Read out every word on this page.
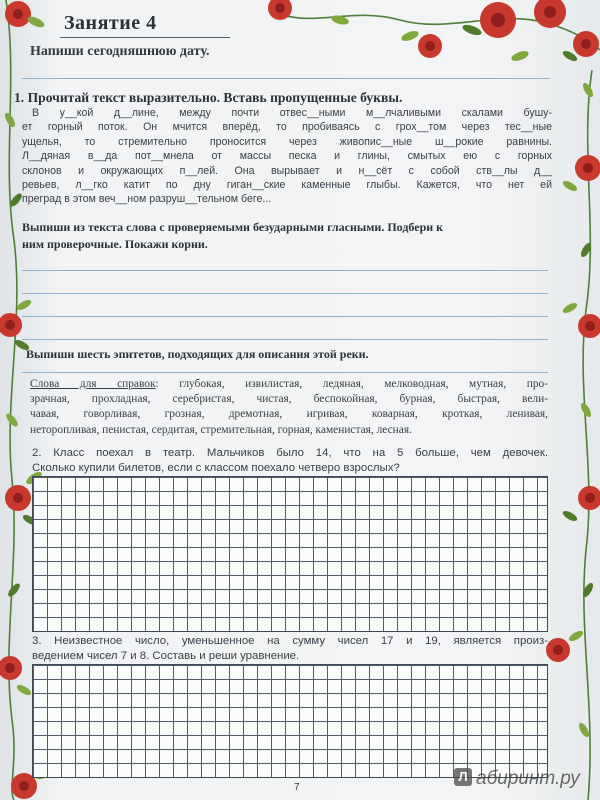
Занятие 4
Напиши сегодняшнюю дату.
1. Прочитай текст выразительно. Вставь пропущенные буквы.
В у__кой д__лине, между почти отвес__ными м__лчаливыми скалами бушу-
ет горный поток. Он мчится вперёд, то пробиваясь с грох__том через тес__ные
ущелья, то стремительно проносится через живопис__ные ш__рокие равнины.
Л__дяная в__да пот__мнела от массы песка и глины, смытых ею с горных
склонов и окружающих п__лей. Она вырывает и н__сёт с собой ств__лы д__
ревьев, л__гко катит по дну гиган__ские каменные глыбы. Кажется, что нет ей
преград в этом веч__ном разруш__тельном беге...
Выпиши из текста слова с проверяемыми безударными гласными. Подбери к
ним проверочные. Покажи корни.
Выпиши шесть эпитетов, подходящих для описания этой реки.
Слова для справок: глубокая, извилистая, ледяная, мелководная, мутная, про-
зрачная, прохладная, серебристая, чистая, беспокойная, бурная, быстрая, вели-
чавая, говорливая, грозная, дремотная, игривая, коварная, кроткая, ленивая,
неторопливая, пенистая, сердитая, стремительная, горная, каменистая, лесная.
2. Класс поехал в театр. Мальчиков было 14, что на 5 больше, чем девочек.
Сколько купили билетов, если с классом поехало четверо взрослых?
3. Неизвестное число, уменьшенное на сумму чисел 17 и 19, является произ-
ведением чисел 7 и 8. Составь и реши уравнение.
7
Л абиринт.ру
